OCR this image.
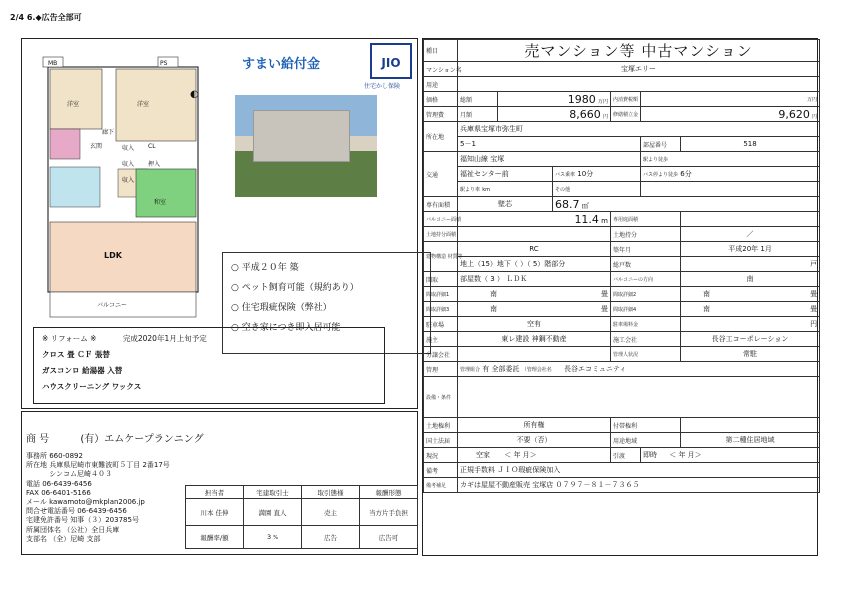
2/4 6.◆広告全部可
洋室	洋室
和室
LDK
バルコニー
廊下
玄関	収入
収入
収入
CL
押入
MB	PS
◐
すまい給付金	JIO
住宅かし保険
○ 平成２０年 築
○ ペット飼育可能（規約あり）
○ 住宅瑕疵保険（弊社）
○ 空き家につき即入居可能
※ リフォーム ※	完成2020年1月上旬予定
クロス 畳 ＣＦ 張替
ガスコンロ 給湯器 入替
ハウスクリーニング ワックス
商 号	(有）エムケープランニング
事務所 660-0892
所在地 兵庫県尼崎市東難波町５丁目 2番17号
　　　 シンコム尼崎４０３
電話 06-6439-6456
FAX 06-6401-5166
メール kawamoto@mkplan2006.jp
問合せ電話番号 06-6439-6456
宅建免許番号 知事（３）203785号
所属団体名 （公社）全日兵庫
支部名 （全）尼崎 支部
担当者	宅建取引士	取引態様	報酬形態
川本 佳伸	満園 直人	売主	当方片手負担
報酬率/額	3 %	広告	広告可
種目	売マンション等 中古マンション					
マンション名	宝塚エリー					
用途						
価格	総額	1980 万円		内消費税額	万円	
管理費	月額	8,660 円		修繕積立金	9,620 円	
所在地	兵庫県宝塚市弥生町					
	5－1				部屋番号	518
交通	福知山線 宝塚				駅より徒歩	
	福祉センター前		バス乗車 10分		バス停より徒歩 6分	
	駅より車 km		その他			
専有面積	壁芯		68.7 ㎡			
バルコニー面積	11.4 m			専用庭面積		
土地持分面積				土地持分		／
建物構造 材質等	RC			築年月		平成20年 1月
	地上（15）地下（ ）（ 5）階部分			総戸数		戸
間取	部屋数（ 3 ） ＬＤＫ			バルコニーの方向		南
間取詳細1	南 畳			間取詳細2		南 畳

間取詳細3	南 畳			間取詳細4		南 畳

駐車場	空有			駐車場料金		円
施主	東レ建設 神鋼不動産			施工会社		長谷工コーポレーション
分譲会社				管理人状況		常駐
管理	管理組合 有 全部委託 （管理会社名 長谷エコミュニティ					
設備・条件						
土地権利	所有権			付帯権利		
国土法届	不要（否）			用途地域		第二種住居地域
現況	空家 ＜ 年 月＞			引渡	即時 ＜ 年 月＞	
備考	正規手数料 ＪＩＯ瑕疵保険加入					
備考補足	カギは屋屋不動産販売 宝塚店 ０７９７－８１－７３６５					
